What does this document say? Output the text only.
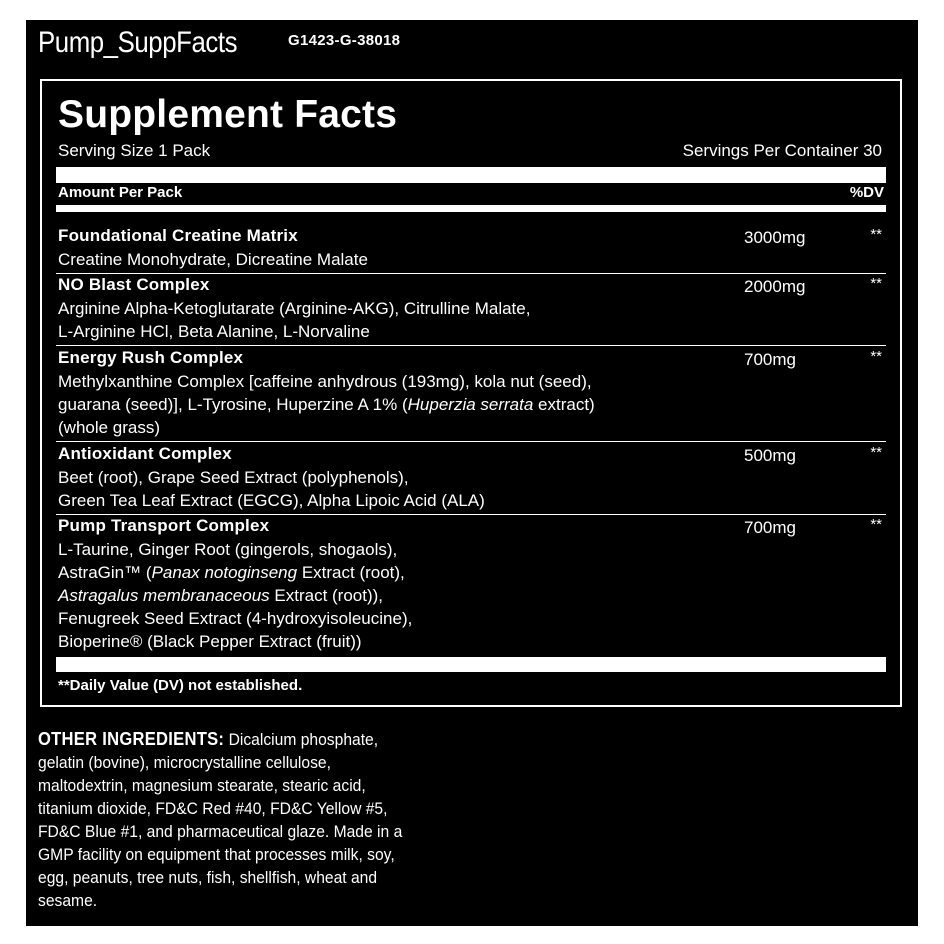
Pump_SuppFacts	G1423-G-38018
Supplement Facts
Serving Size 1 Pack	Servings Per Container 30
Amount Per Pack	%DV
Foundational Creatine Matrix	3000mg	**
Creatine Monohydrate, Dicreatine Malate
NO Blast Complex	2000mg	**
Arginine Alpha-Ketoglutarate (Arginine-AKG), Citrulline Malate,
L-Arginine HCl, Beta Alanine, L-Norvaline
Energy Rush Complex	700mg	**
Methylxanthine Complex [caffeine anhydrous (193mg), kola nut (seed),
guarana (seed)], L-Tyrosine, Huperzine A 1% (Huperzia serrata extract)
(whole grass)
Antioxidant Complex	500mg	**
Beet (root), Grape Seed Extract (polyphenols),
Green Tea Leaf Extract (EGCG), Alpha Lipoic Acid (ALA)
Pump Transport Complex	700mg	**
L-Taurine, Ginger Root (gingerols, shogaols),
AstraGin™ (Panax notoginseng Extract (root),
Astragalus membranaceous Extract (root)),
Fenugreek Seed Extract (4-hydroxyisoleucine),
Bioperine® (Black Pepper Extract (fruit))
**Daily Value (DV) not established.
OTHER INGREDIENTS: Dicalcium phosphate,
gelatin (bovine), microcrystalline cellulose,
maltodextrin, magnesium stearate, stearic acid,
titanium dioxide, FD&C Red #40, FD&C Yellow #5,
FD&C Blue #1, and pharmaceutical glaze. Made in a
GMP facility on equipment that processes milk, soy,
egg, peanuts, tree nuts, fish, shellfish, wheat and
sesame.
